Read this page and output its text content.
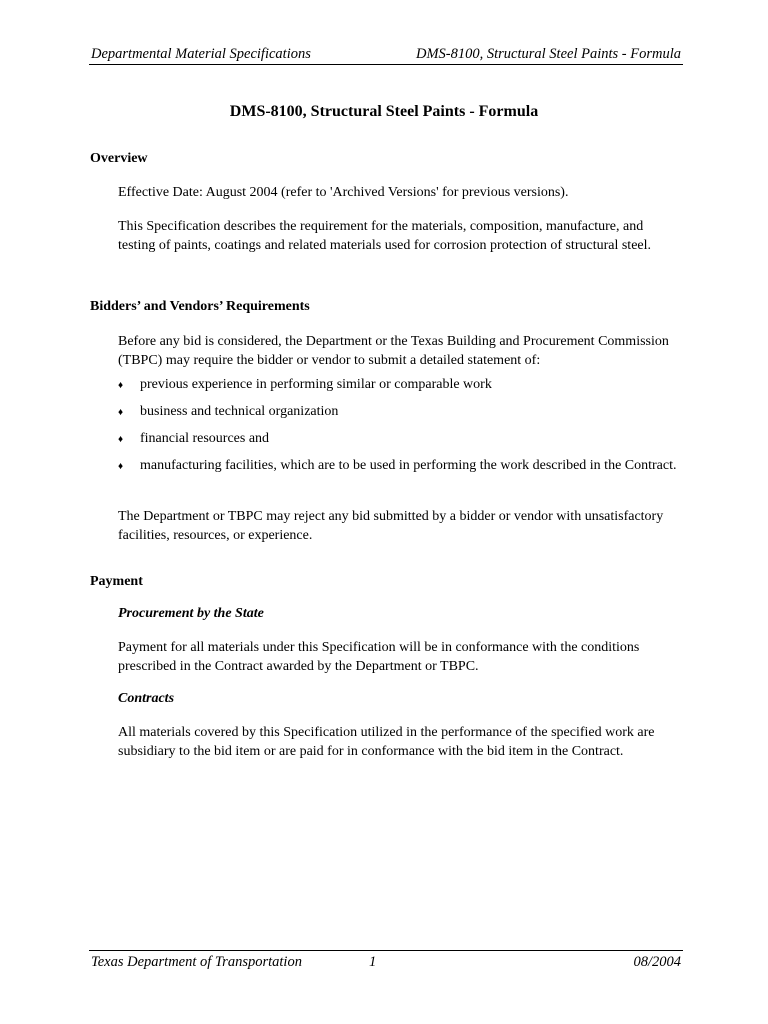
Departmental Material Specifications	DMS-8100, Structural Steel Paints - Formula
DMS-8100, Structural Steel Paints - Formula
Overview
Effective Date: August 2004 (refer to 'Archived Versions' for previous versions).
This Specification describes the requirement for the materials, composition, manufacture, and testing of paints, coatings and related materials used for corrosion protection of structural steel.
Bidders’ and Vendors’ Requirements
Before any bid is considered, the Department or the Texas Building and Procurement Commission (TBPC) may require the bidder or vendor to submit a detailed statement of:
♦ previous experience in performing similar or comparable work
♦ business and technical organization
♦ financial resources and
♦ manufacturing facilities, which are to be used in performing the work described in the Contract.
The Department or TBPC may reject any bid submitted by a bidder or vendor with unsatisfactory facilities, resources, or experience.
Payment
Procurement by the State
Payment for all materials under this Specification will be in conformance with the conditions prescribed in the Contract awarded by the Department or TBPC.
Contracts
All materials covered by this Specification utilized in the performance of the specified work are subsidiary to the bid item or are paid for in conformance with the bid item in the Contract.
Texas Department of Transportation	1	08/2004
